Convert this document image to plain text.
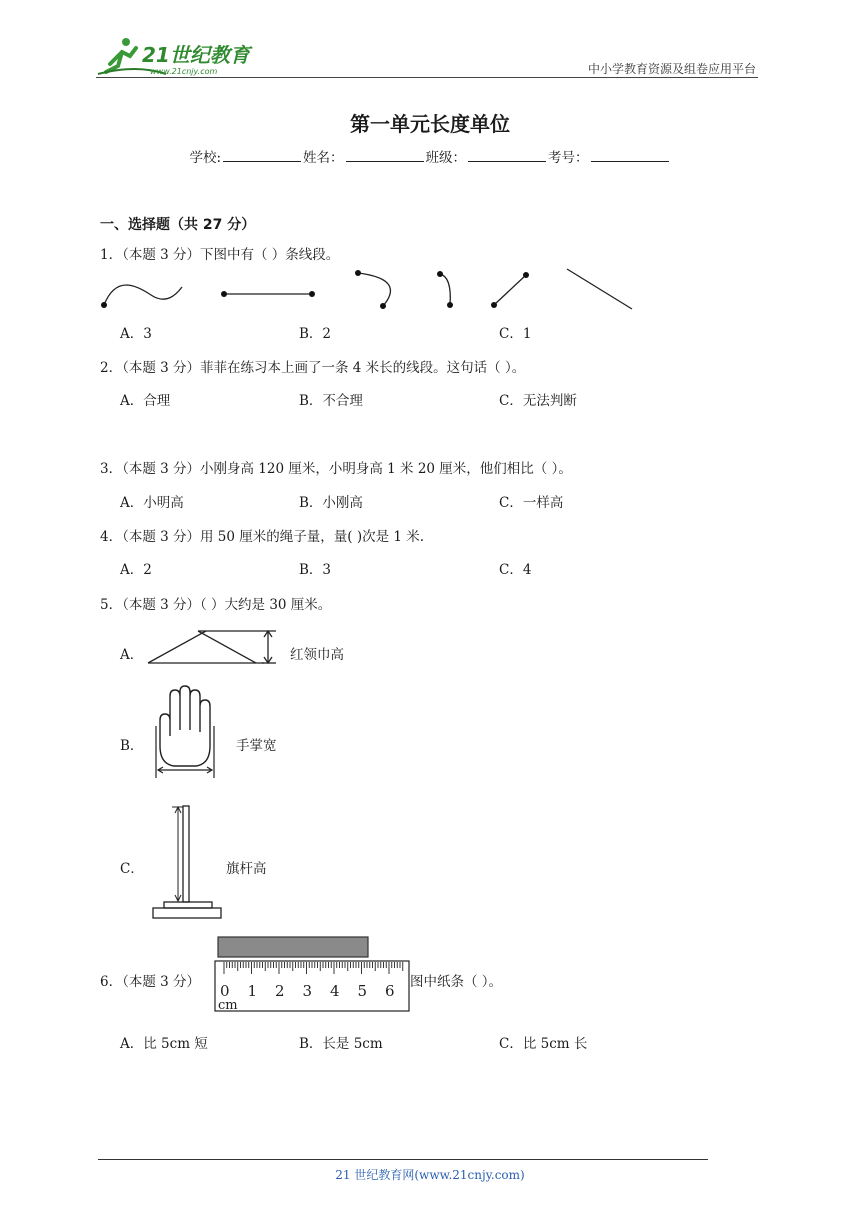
21世纪教育
www.21cnjy.com	中小学教育资源及组卷应用平台
第一单元长度单位
学校:	姓名：	班级：	考号：
一、选择题（共 27 分）
1．（本题 3 分）下图中有（ ）条线段。
A．3	B．2	C．1
2．（本题 3 分）菲菲在练习本上画了一条 4 米长的线段。这句话（ ）。
A．合理	B．不合理	C．无法判断
3．（本题 3 分）小刚身高 120 厘米，小明身高 1 米 20 厘米，他们相比（ ）。
A．小明高	B．小刚高	C．一样高
4．（本题 3 分）用 50 厘米的绳子量，量( )次是 1 米.
A．2	B．3	C．4
5．（本题 3 分）（ ）大约是 30 厘米。
A．	红领巾高
B．	手掌宽
C．	旗杆高
6．（本题 3 分） 0 1 2 3 4 5 6
cm
图中纸条（ ）。
A．比 5cm 短	B．长是 5cm	C．比 5cm 长
21 世纪教育网(www.21cnjy.com)
